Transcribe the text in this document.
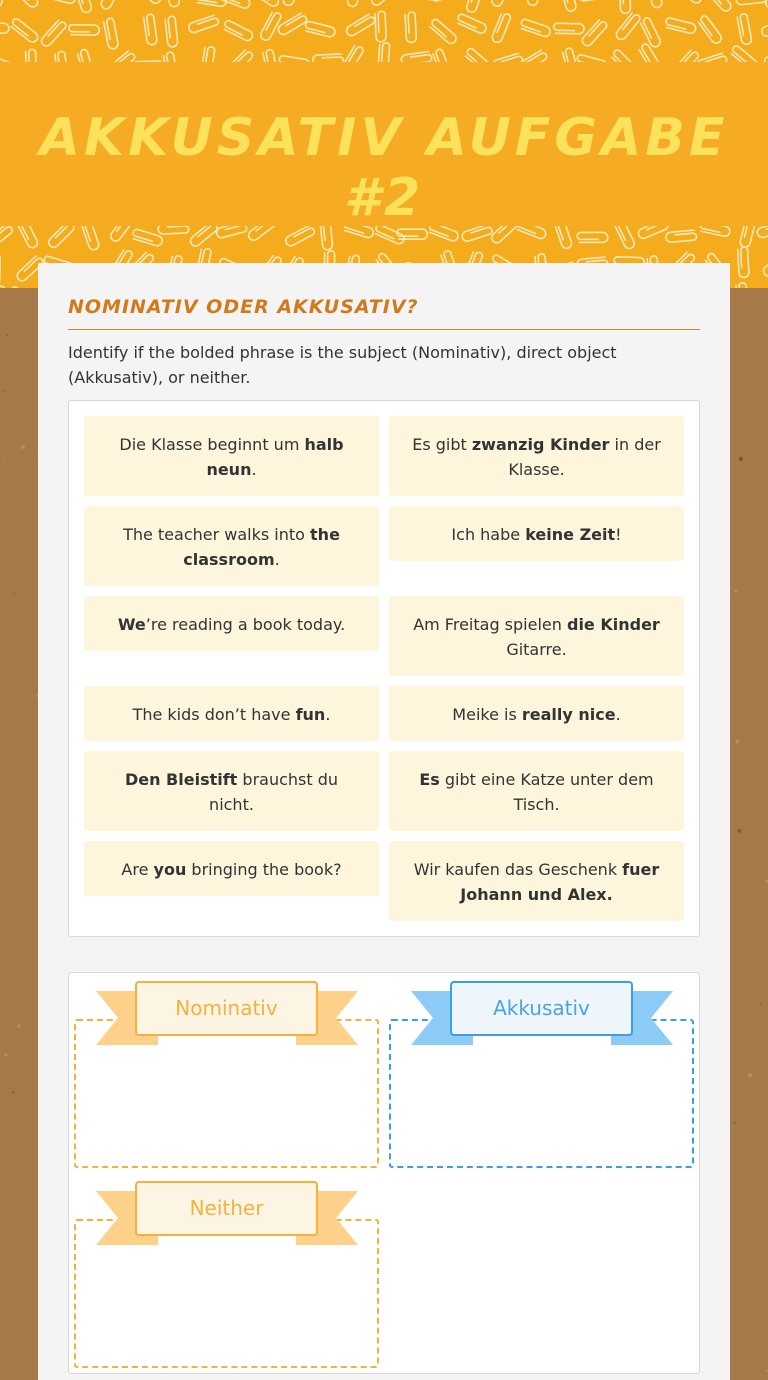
AKKUSATIV AUFGABE #2
NOMINATIV ODER AKKUSATIV?

Identify if the bolded phrase is the subject (Nominativ), direct object (Akkusativ), or neither.

Die Klasse beginnt um halb neun.
Es gibt zwanzig Kinder in der Klasse.
The teacher walks into the classroom.
Ich habe keine Zeit!
We’re reading a book today.	Am Freitag spielen die Kinder Gitarre.
The kids don’t have fun.	Meike is really nice.
Den Bleistift brauchst du nicht.
Es gibt eine Katze unter dem Tisch.
Are you bringing the book?	Wir kaufen das Geschenk fuer Johann und Alex.
Nominativ	Akkusativ
Neither
